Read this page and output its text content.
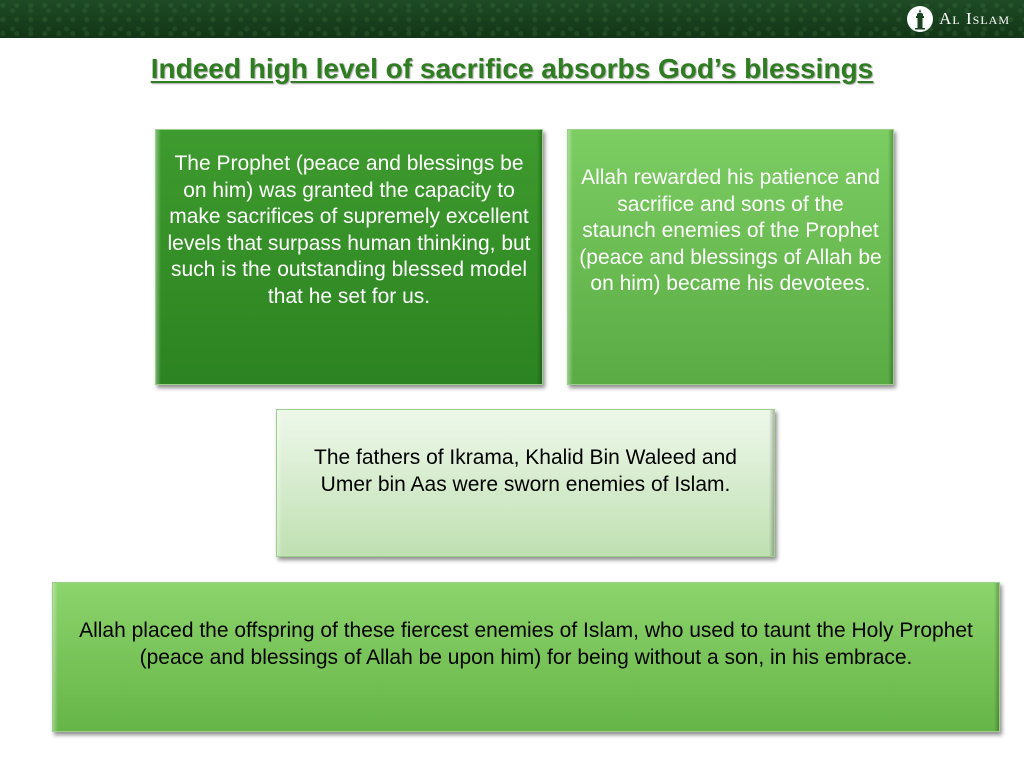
Al Islam
Indeed high level of sacrifice absorbs God’s blessings
The Prophet (peace and blessings be on him) was granted the capacity to make sacrifices of supremely excellent levels that surpass human thinking, but such is the outstanding blessed model that he set for us.
Allah rewarded his patience and sacrifice and sons of the staunch enemies of the Prophet (peace and blessings of Allah be on him) became his devotees.
The fathers of Ikrama, Khalid Bin Waleed and Umer bin Aas were sworn enemies of Islam.
Allah placed the offspring of these fiercest enemies of Islam, who used to taunt the Holy Prophet (peace and blessings of Allah be upon him) for being without a son, in his embrace.
